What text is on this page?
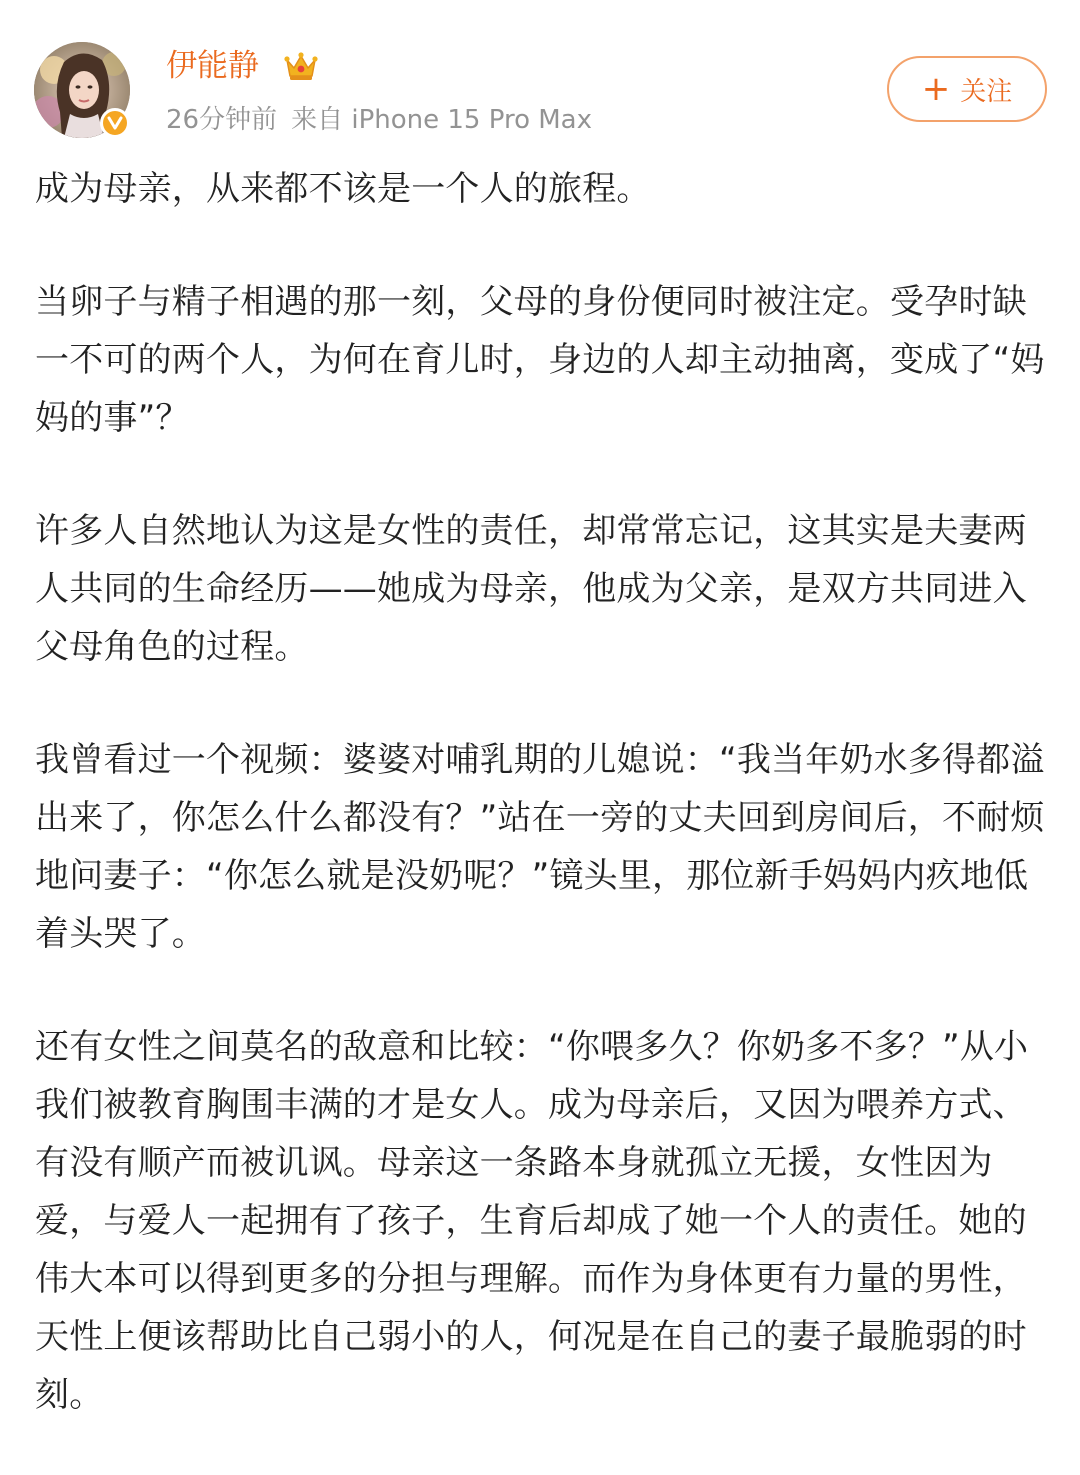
伊能静
26分钟前 来自 iPhone 15 Pro Max
+ 关注

成为母亲，从来都不该是一个人的旅程。

当卵子与精子相遇的那一刻，父母的身份便同时被注定。受孕时缺一不可的两个人，为何在育儿时，身边的人却主动抽离，变成了“妈妈的事”？

许多人自然地认为这是女性的责任，却常常忘记，这其实是夫妻两人共同的生命经历——她成为母亲，他成为父亲，是双方共同进入父母角色的过程。

我曾看过一个视频：婆婆对哺乳期的儿媳说：“我当年奶水多得都溢出来了，你怎么什么都没有？”站在一旁的丈夫回到房间后，不耐烦地问妻子：“你怎么就是没奶呢？”镜头里，那位新手妈妈内疚地低着头哭了。

还有女性之间莫名的敌意和比较：“你喂多久？你奶多不多？”从小我们被教育胸围丰满的才是女人。成为母亲后，又因为喂养方式、有没有顺产而被讥讽。母亲这一条路本身就孤立无援，女性因为爱，与爱人一起拥有了孩子，生育后却成了她一个人的责任。她的伟大本可以得到更多的分担与理解。而作为身体更有力量的男性，天性上便该帮助比自己弱小的人，何况是在自己的妻子最脆弱的时刻。
